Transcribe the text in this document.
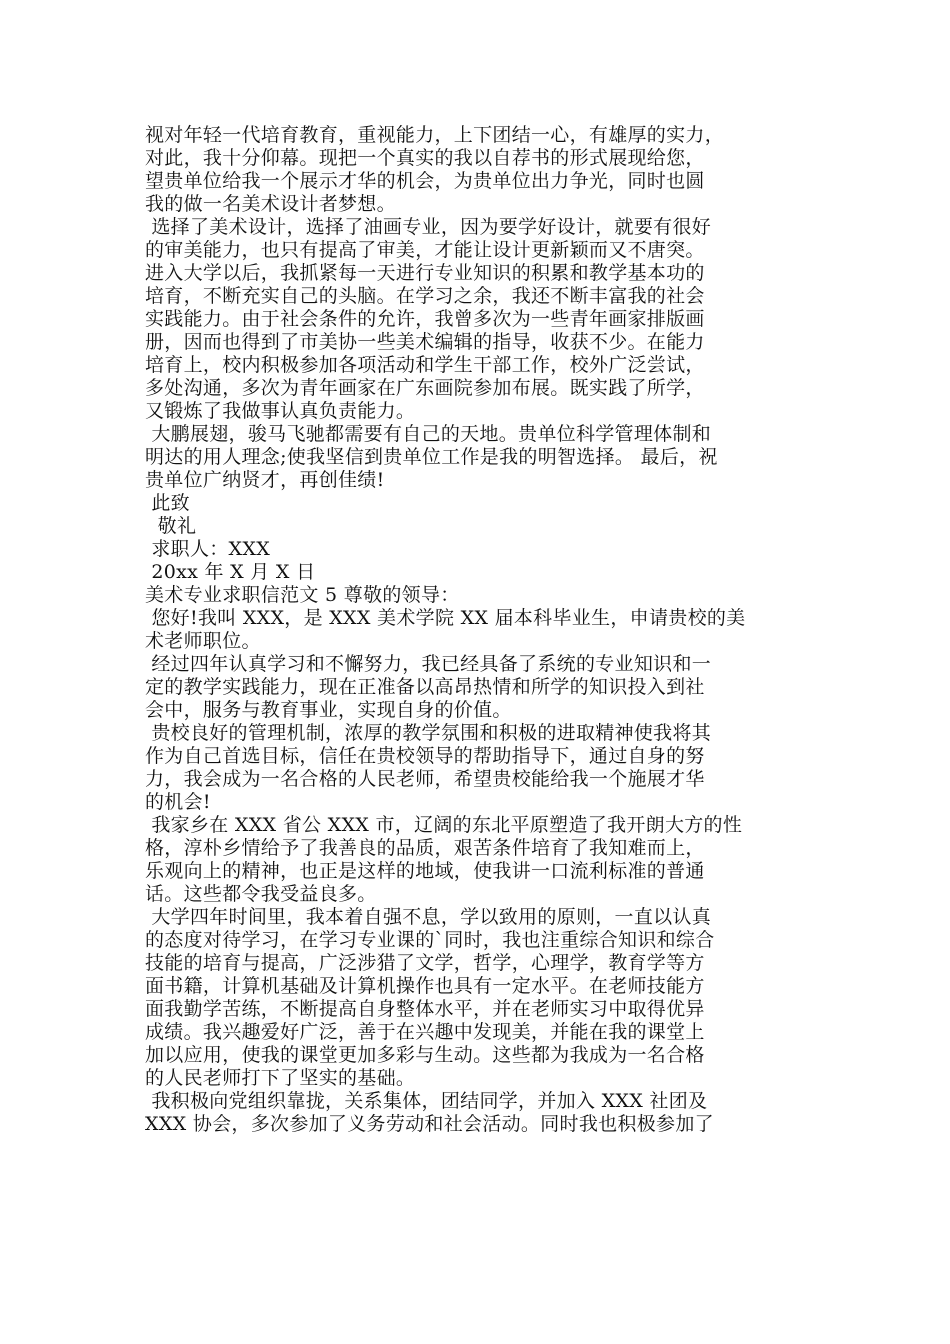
视对年轻一代培育教育，重视能力，上下团结一心，有雄厚的实力，
对此，我十分仰幕。现把一个真实的我以自荐书的形式展现给您，
望贵单位给我一个展示才华的机会，为贵单位出力争光，同时也圆
我的做一名美术设计者梦想。
选择了美术设计，选择了油画专业，因为要学好设计，就要有很好
的审美能力，也只有提高了审美，才能让设计更新颖而又不唐突。
进入大学以后，我抓紧每一天进行专业知识的积累和教学基本功的
培育，不断充实自己的头脑。在学习之余，我还不断丰富我的社会
实践能力。由于社会条件的允许，我曾多次为一些青年画家排版画
册，因而也得到了市美协一些美术编辑的指导，收获不少。在能力
培育上，校内积极参加各项活动和学生干部工作，校外广泛尝试，
多处沟通，多次为青年画家在广东画院参加布展。既实践了所学，
又锻炼了我做事认真负责能力。
大鹏展翅，骏马飞驰都需要有自己的天地。贵单位科学管理体制和
明达的用人理念;使我坚信到贵单位工作是我的明智选择。 最后，祝
贵单位广纳贤才，再创佳绩!
此致
敬礼
求职人：XXX
20xx 年 X 月 X 日
美术专业求职信范文 5 尊敬的领导：
您好!我叫 XXX，是 XXX 美术学院 XX 届本科毕业生，申请贵校的美
术老师职位。
经过四年认真学习和不懈努力，我已经具备了系统的专业知识和一
定的教学实践能力，现在正准备以高昂热情和所学的知识投入到社
会中，服务与教育事业，实现自身的价值。
贵校良好的管理机制，浓厚的教学氛围和积极的进取精神使我将其
作为自己首选目标，信任在贵校领导的帮助指导下，通过自身的努
力，我会成为一名合格的人民老师，希望贵校能给我一个施展才华
的机会!
我家乡在 XXX 省公 XXX 市，辽阔的东北平原塑造了我开朗大方的性
格，淳朴乡情给予了我善良的品质，艰苦条件培育了我知难而上，
乐观向上的精神，也正是这样的地域，使我讲一口流利标准的普通
话。这些都令我受益良多。
大学四年时间里，我本着自强不息，学以致用的原则，一直以认真
的态度对待学习，在学习专业课的`同时，我也注重综合知识和综合
技能的培育与提高，广泛涉猎了文学，哲学，心理学，教育学等方
面书籍，计算机基础及计算机操作也具有一定水平。在老师技能方
面我勤学苦练，不断提高自身整体水平，并在老师实习中取得优异
成绩。我兴趣爱好广泛，善于在兴趣中发现美，并能在我的课堂上
加以应用，使我的课堂更加多彩与生动。这些都为我成为一名合格
的人民老师打下了坚实的基础。
我积极向党组织靠拢，关系集体，团结同学，并加入 XXX 社团及
XXX 协会，多次参加了义务劳动和社会活动。同时我也积极参加了
